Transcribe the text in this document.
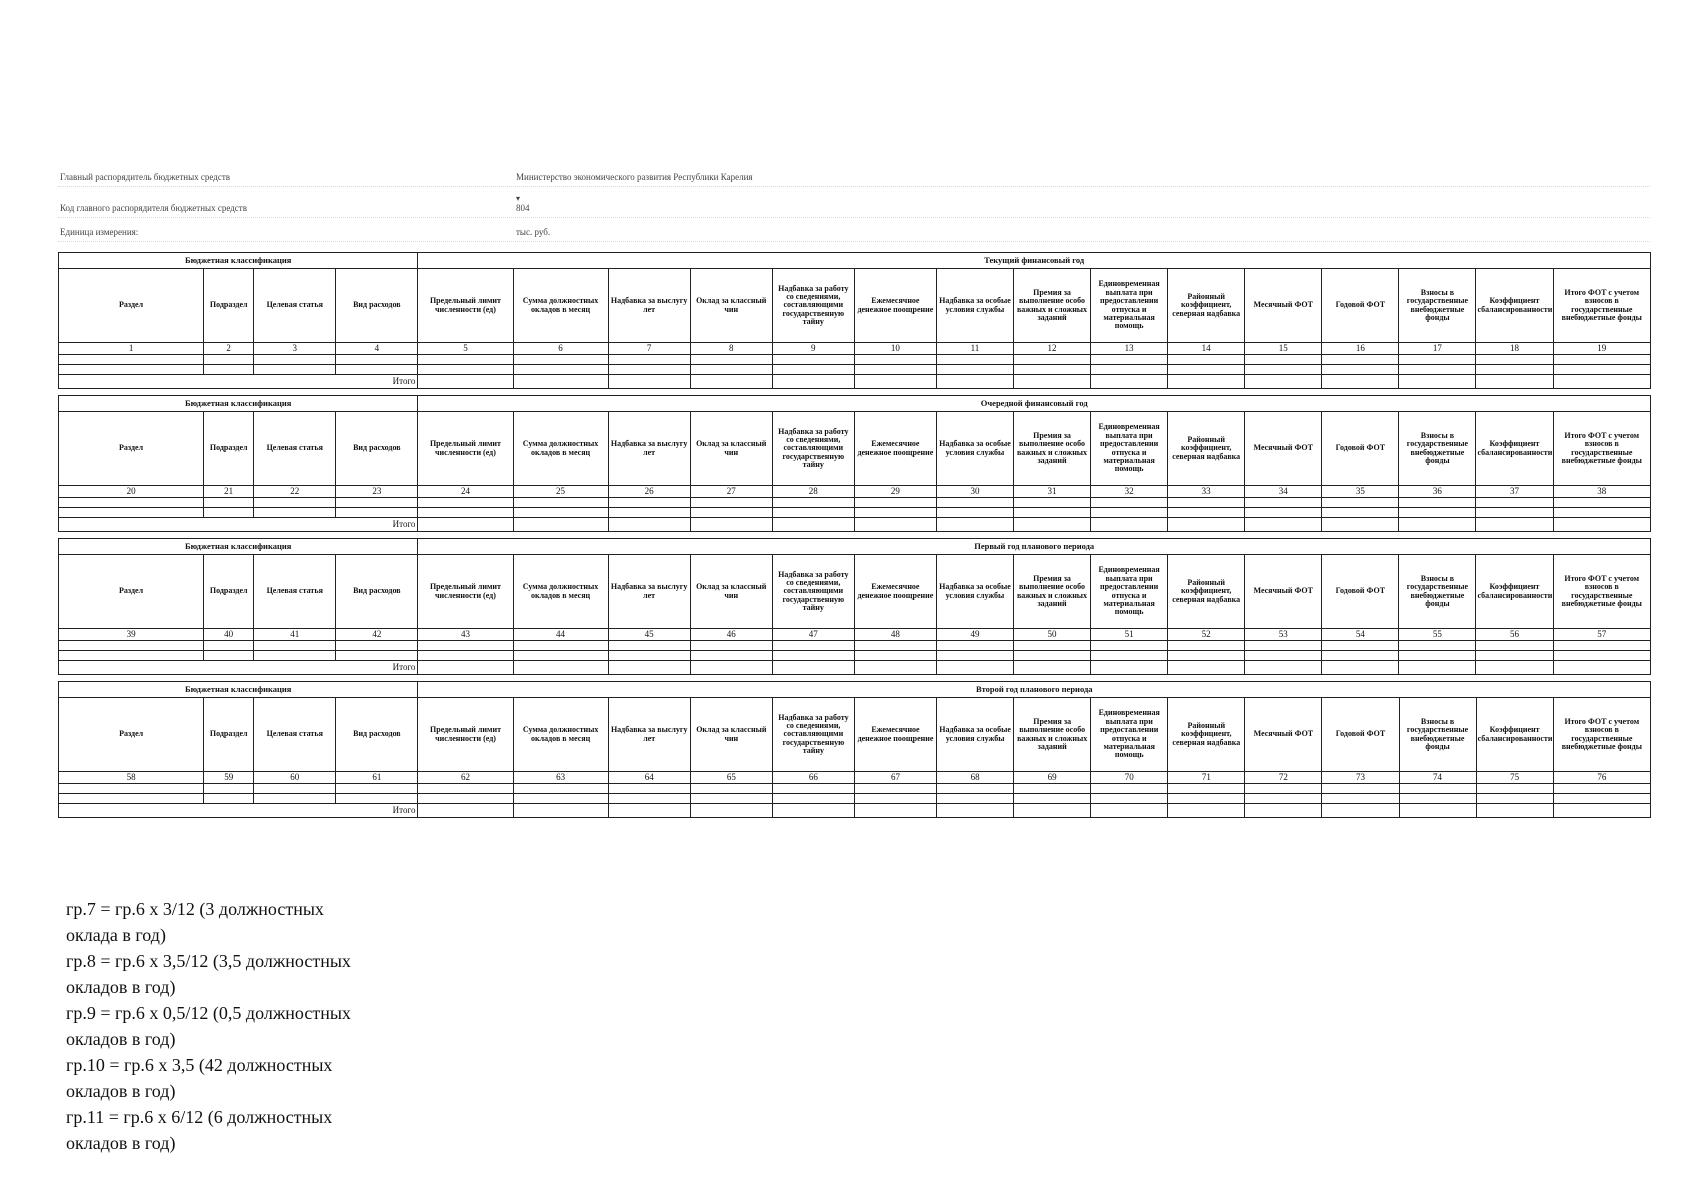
Главный распорядитель бюджетных средств	Министерство экономического развития Республики Карелия
▾
Код главного распорядителя бюджетных средств	804
Единица измерения:	тыс. руб.
Бюджетная классификация				Текущий финансовый год														
Раздел	Подраздел	Целевая статья	Вид расходов	Предельный лимит численности (ед)	Сумма должностных окладов в месяц	Надбавка за выслугу лет	Оклад за классный чин	Надбавка за работу со сведениями, составляющими государственную тайну	Ежемесячное денежное поощрение	Надбавка за особые условия службы	Премия за выполнение особо важных и сложных заданий	Единовременная выплата при предоставлении отпуска и материальная помощь	Районный коэффициент, северная надбавка	Месячный ФОТ	Годовой ФОТ	Взносы в государственные внебюджетные фонды	Коэффициент сбалансированности	Итого ФОТ с учетом взносов в государственные внебюджетные фонды
1	2	3	4	5	6	7	8	9	10	11	12	13	14	15	16	17	18	19

Итого																		
Бюджетная классификация				Очередной финансовый год														
Раздел	Подраздел	Целевая статья	Вид расходов	Предельный лимит численности (ед)	Сумма должностных окладов в месяц	Надбавка за выслугу лет	Оклад за классный чин	Надбавка за работу со сведениями, составляющими государственную тайну	Ежемесячное денежное поощрение	Надбавка за особые условия службы	Премия за выполнение особо важных и сложных заданий	Единовременная выплата при предоставлении отпуска и материальная помощь	Районный коэффициент, северная надбавка	Месячный ФОТ	Годовой ФОТ	Взносы в государственные внебюджетные фонды	Коэффициент сбалансированности	Итого ФОТ с учетом взносов в государственные внебюджетные фонды
20	21	22	23	24	25	26	27	28	29	30	31	32	33	34	35	36	37	38

Итого																		
Бюджетная классификация				Первый год планового периода														
Раздел	Подраздел	Целевая статья	Вид расходов	Предельный лимит численности (ед)	Сумма должностных окладов в месяц	Надбавка за выслугу лет	Оклад за классный чин	Надбавка за работу со сведениями, составляющими государственную тайну	Ежемесячное денежное поощрение	Надбавка за особые условия службы	Премия за выполнение особо важных и сложных заданий	Единовременная выплата при предоставлении отпуска и материальная помощь	Районный коэффициент, северная надбавка	Месячный ФОТ	Годовой ФОТ	Взносы в государственные внебюджетные фонды	Коэффициент сбалансированности	Итого ФОТ с учетом взносов в государственные внебюджетные фонды
39	40	41	42	43	44	45	46	47	48	49	50	51	52	53	54	55	56	57

Итого																		
Бюджетная классификация				Второй год планового периода														
Раздел	Подраздел	Целевая статья	Вид расходов	Предельный лимит численности (ед)	Сумма должностных окладов в месяц	Надбавка за выслугу лет	Оклад за классный чин	Надбавка за работу со сведениями, составляющими государственную тайну	Ежемесячное денежное поощрение	Надбавка за особые условия службы	Премия за выполнение особо важных и сложных заданий	Единовременная выплата при предоставлении отпуска и материальная помощь	Районный коэффициент, северная надбавка	Месячный ФОТ	Годовой ФОТ	Взносы в государственные внебюджетные фонды	Коэффициент сбалансированности	Итого ФОТ с учетом взносов в государственные внебюджетные фонды
58	59	60	61	62	63	64	65	66	67	68	69	70	71	72	73	74	75	76

Итого																		
гр.7 = гр.6 х 3/12 (3 должностных оклада в год)
гр.8 = гр.6 х 3,5/12 (3,5 должностных окладов в год)
гр.9 = гр.6 х 0,5/12 (0,5 должностных окладов в год)
гр.10 = гр.6 х 3,5 (42 должностных окладов в год)
гр.11 = гр.6 х 6/12 (6 должностных окладов в год)
